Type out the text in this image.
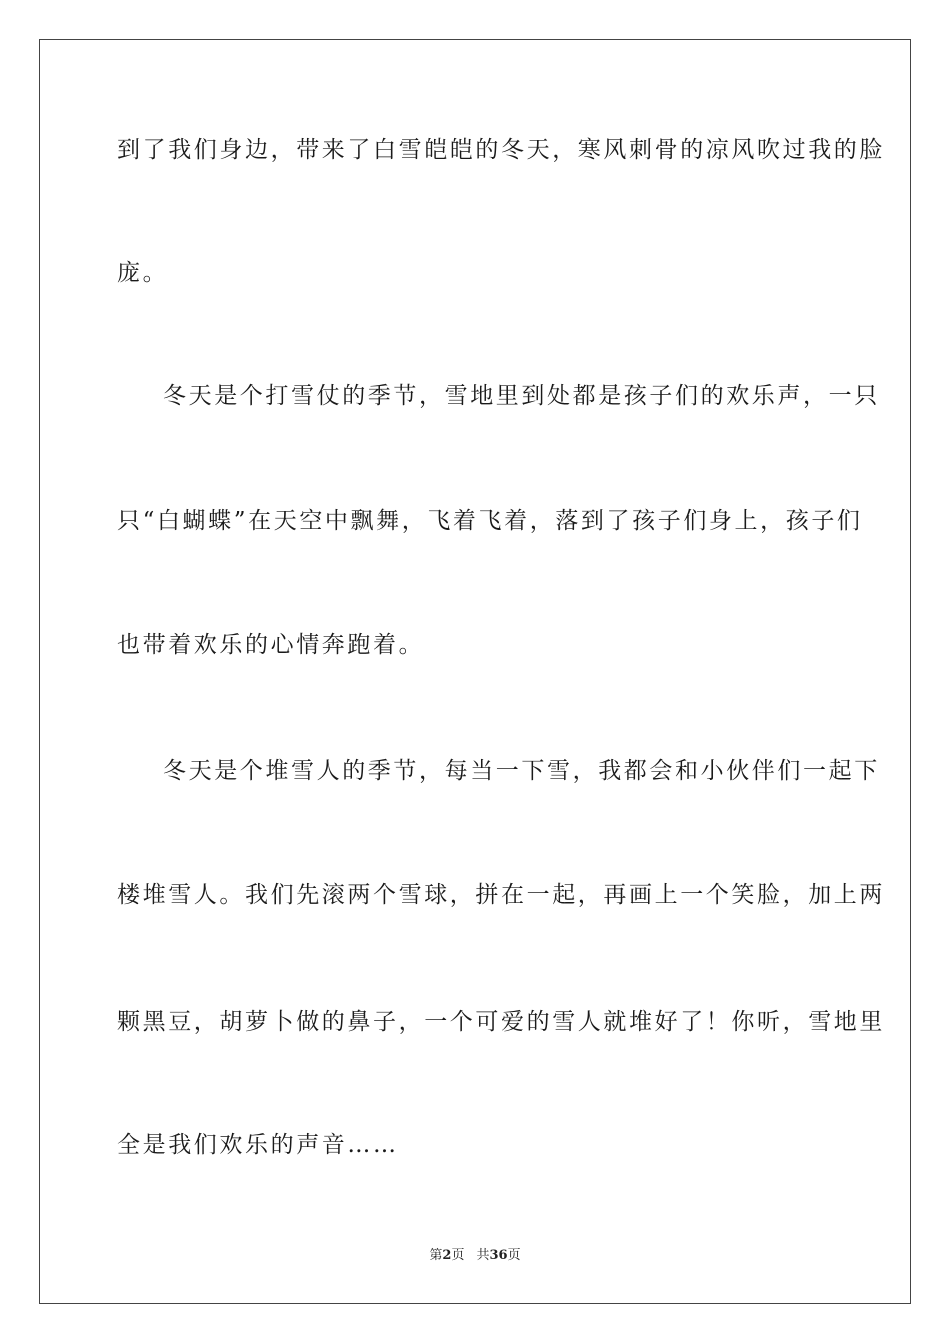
到了我们身边，带来了白雪皑皑的冬天，寒风刺骨的凉风吹过我的脸
庞。
冬天是个打雪仗的季节，雪地里到处都是孩子们的欢乐声，一只
只“白蝴蝶”在天空中飘舞，飞着飞着，落到了孩子们身上，孩子们
也带着欢乐的心情奔跑着。
冬天是个堆雪人的季节，每当一下雪，我都会和小伙伴们一起下
楼堆雪人。我们先滚两个雪球，拼在一起，再画上一个笑脸，加上两
颗黑豆，胡萝卜做的鼻子，一个可爱的雪人就堆好了！你听，雪地里
全是我们欢乐的声音……
第2页 共36页
